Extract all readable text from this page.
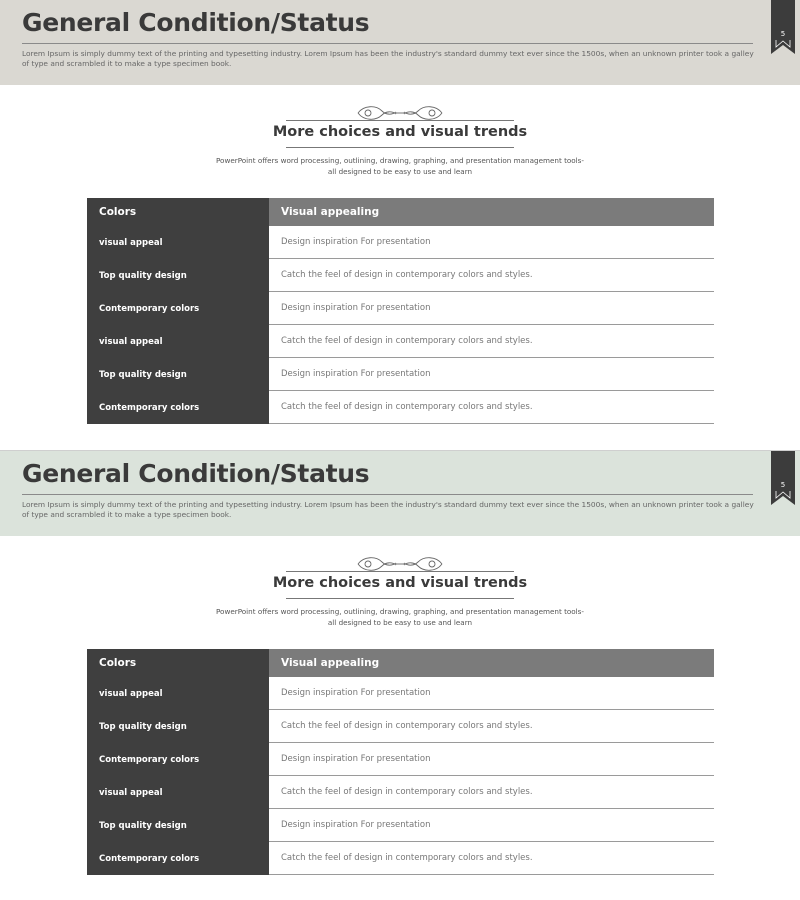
General Condition/Status
Lorem Ipsum is simply dummy text of the printing and typesetting industry. Lorem Ipsum has been the industry's standard dummy text ever since the 1500s, when an unknown printer took a galley of type and scrambled it to make a type specimen book.
5
More choices and visual trends
PowerPoint offers word processing, outlining, drawing, graphing, and presentation management tools-
all designed to be easy to use and learn
Colors	Visual appealing
visual appeal	Design inspiration For presentation
Top quality design	Catch the feel of design in contemporary colors and styles.
Contemporary colors	Design inspiration For presentation
visual appeal	Catch the feel of design in contemporary colors and styles.
Top quality design	Design inspiration For presentation
Contemporary colors	Catch the feel of design in contemporary colors and styles.
General Condition/Status
Lorem Ipsum is simply dummy text of the printing and typesetting industry. Lorem Ipsum has been the industry's standard dummy text ever since the 1500s, when an unknown printer took a galley of type and scrambled it to make a type specimen book.
5
More choices and visual trends
PowerPoint offers word processing, outlining, drawing, graphing, and presentation management tools-
all designed to be easy to use and learn
Colors	Visual appealing
visual appeal	Design inspiration For presentation
Top quality design	Catch the feel of design in contemporary colors and styles.
Contemporary colors	Design inspiration For presentation
visual appeal	Catch the feel of design in contemporary colors and styles.
Top quality design	Design inspiration For presentation
Contemporary colors	Catch the feel of design in contemporary colors and styles.
